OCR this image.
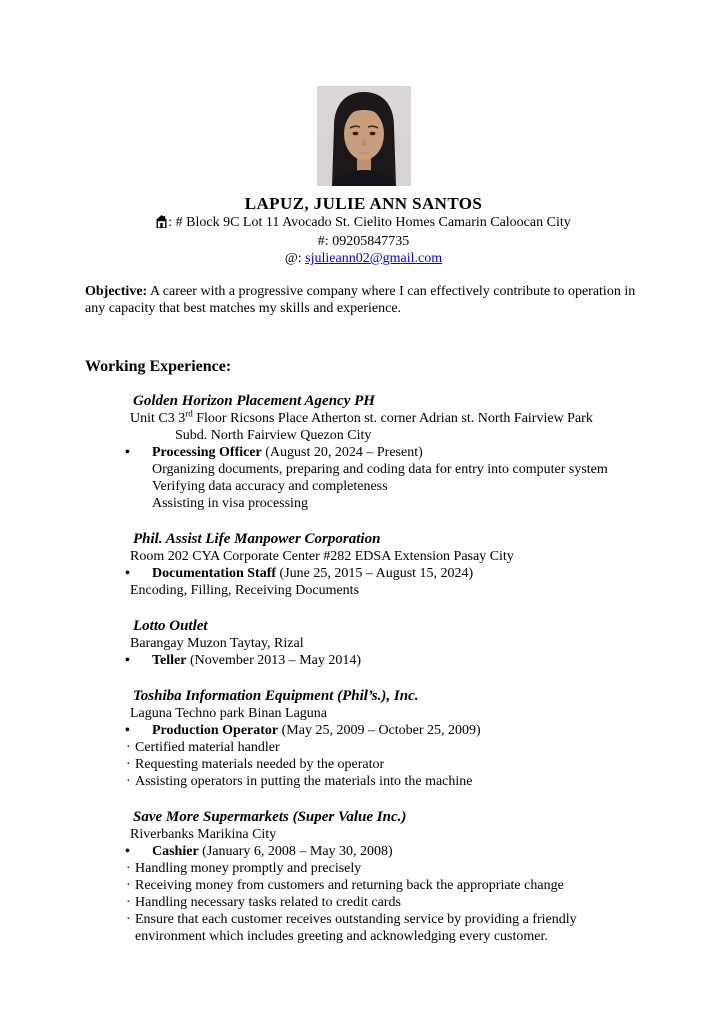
LAPUZ, JULIE ANN SANTOS
: # Block 9C Lot 11 Avocado St. Cielito Homes Camarin Caloocan City
#: 09205847735
@: sjulieann02@gmail.com

Objective: A career with a progressive company where I can effectively contribute to operation in any capacity that best matches my skills and experience.

Working Experience:
Golden Horizon Placement Agency PH
Unit C3 3rd Floor Ricsons Place Atherton st. corner Adrian st. North Fairview Park
Subd. North Fairview Quezon City
•Processing Officer (August 20, 2024 – Present)
Organizing documents, preparing and coding data for entry into computer system
Verifying data accuracy and completeness
Assisting in visa processing
Phil. Assist Life Manpower Corporation
Room 202 CYA Corporate Center #282 EDSA Extension Pasay City
•Documentation Staff (June 25, 2015 – August 15, 2024)
Encoding, Filling, Receiving Documents
Lotto Outlet
Barangay Muzon Taytay, Rizal
•Teller (November 2013 – May 2014)
Toshiba Information Equipment (Phil’s.), Inc.
Laguna Techno park Binan Laguna
•Production Operator (May 25, 2009 – October 25, 2009)
·Certified material handler
·Requesting materials needed by the operator
·Assisting operators in putting the materials into the machine
Save More Supermarkets (Super Value Inc.)
Riverbanks Marikina City
•Cashier (January 6, 2008 – May 30, 2008)
·Handling money promptly and precisely
·Receiving money from customers and returning back the appropriate change
·Handling necessary tasks related to credit cards
·Ensure that each customer receives outstanding service by providing a friendly environment which includes greeting and acknowledging every customer.
